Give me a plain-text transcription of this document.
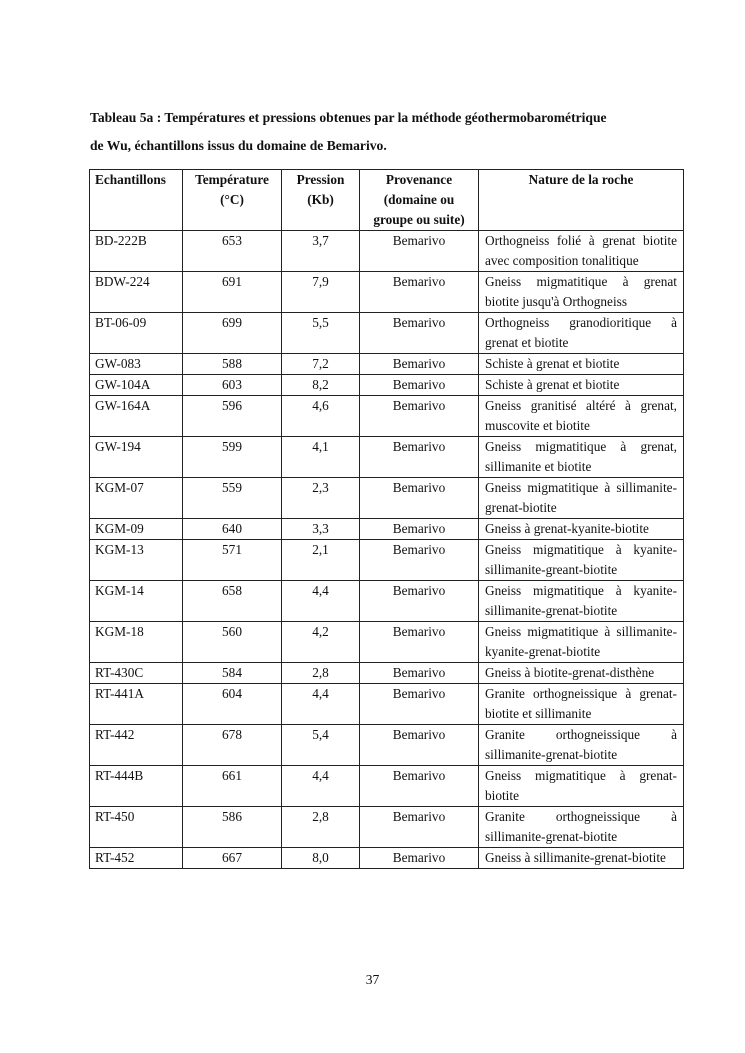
Tableau 5a : Températures et pressions obtenues par la méthode géothermobarométrique
de Wu, échantillons issus du domaine de Bemarivo.
Echantillons	Température (°C)	Pression (Kb)	Provenance (domaine ou groupe ou suite)	Nature de la roche
BD-222B	653	3,7	Bemarivo	Orthogneiss folié à grenat biotite avec composition tonalitique
BDW-224	691	7,9	Bemarivo	Gneiss migmatitique à grenat biotite jusqu'à Orthogneiss
BT-06-09	699	5,5	Bemarivo	Orthogneiss granodioritique à grenat et biotite
GW-083	588	7,2	Bemarivo	Schiste à grenat et biotite
GW-104A	603	8,2	Bemarivo	Schiste à grenat et biotite
GW-164A	596	4,6	Bemarivo	Gneiss granitisé altéré à grenat, muscovite et biotite
GW-194	599	4,1	Bemarivo	Gneiss migmatitique à grenat, sillimanite et biotite
KGM-07	559	2,3	Bemarivo	Gneiss migmatitique à sillimanite-grenat-biotite
KGM-09	640	3,3	Bemarivo	Gneiss à grenat-kyanite-biotite
KGM-13	571	2,1	Bemarivo	Gneiss migmatitique à kyanite-sillimanite-greant-biotite
KGM-14	658	4,4	Bemarivo	Gneiss migmatitique à kyanite-sillimanite-grenat-biotite
KGM-18	560	4,2	Bemarivo	Gneiss migmatitique à sillimanite-kyanite-grenat-biotite
RT-430C	584	2,8	Bemarivo	Gneiss à biotite-grenat-disthène
RT-441A	604	4,4	Bemarivo	Granite orthogneissique à grenat-biotite et sillimanite
RT-442	678	5,4	Bemarivo	Granite orthogneissique à sillimanite-grenat-biotite
RT-444B	661	4,4	Bemarivo	Gneiss migmatitique à grenat-biotite
RT-450	586	2,8	Bemarivo	Granite orthogneissique à sillimanite-grenat-biotite
RT-452	667	8,0	Bemarivo	Gneiss à sillimanite-grenat-biotite
37
